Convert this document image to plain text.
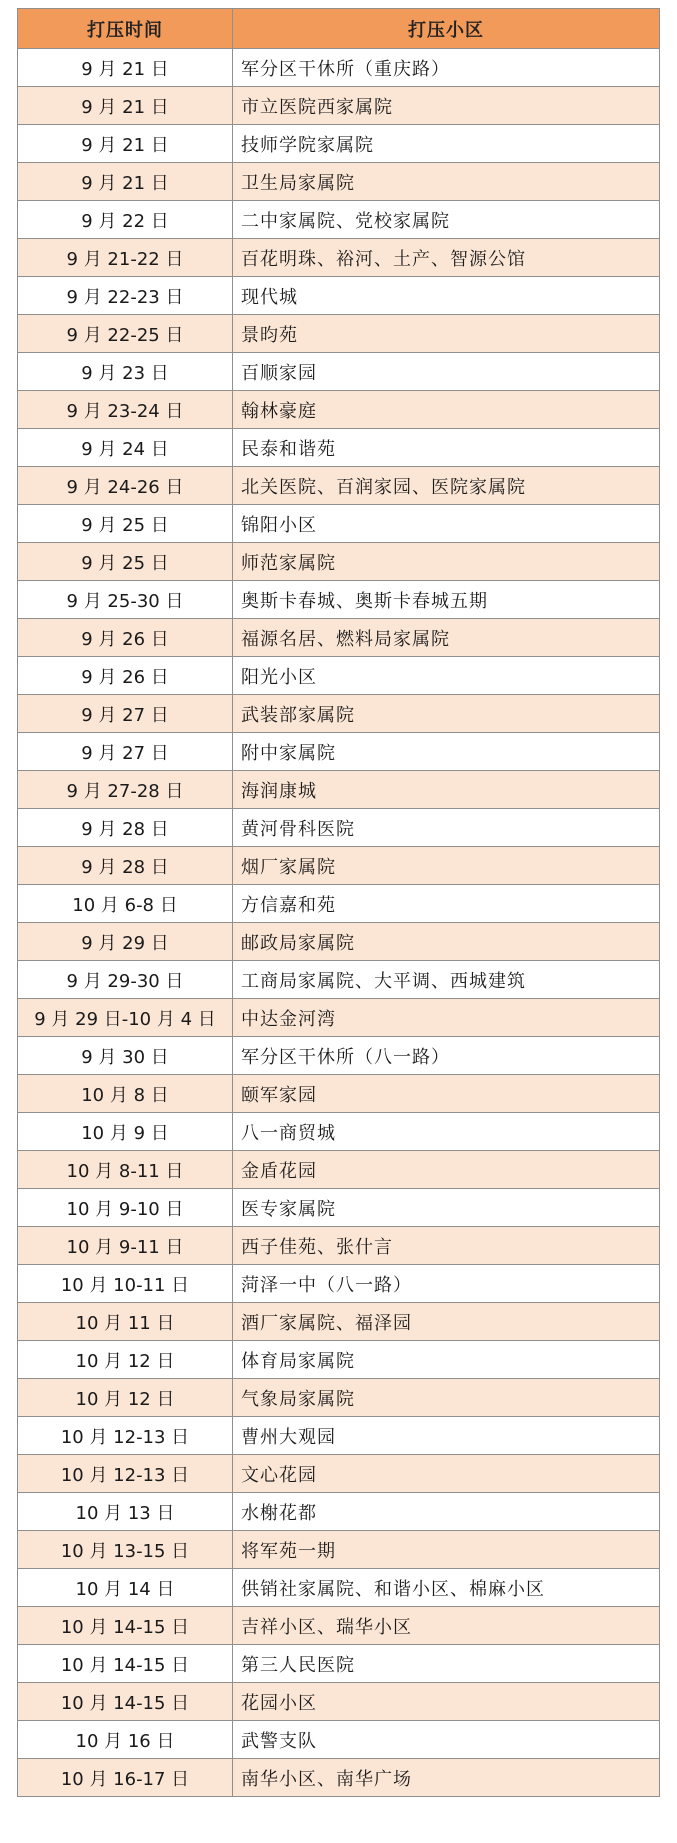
打压时间	打压小区
9 月 21 日	军分区干休所（重庆路）
9 月 21 日	市立医院西家属院
9 月 21 日	技师学院家属院
9 月 21 日	卫生局家属院
9 月 22 日	二中家属院、党校家属院
9 月 21-22 日	百花明珠、裕河、土产、智源公馆
9 月 22-23 日	现代城
9 月 22-25 日	景昀苑
9 月 23 日	百顺家园
9 月 23-24 日	翰林豪庭
9 月 24 日	民泰和谐苑
9 月 24-26 日	北关医院、百润家园、医院家属院
9 月 25 日	锦阳小区
9 月 25 日	师范家属院
9 月 25-30 日	奥斯卡春城、奥斯卡春城五期
9 月 26 日	福源名居、燃料局家属院
9 月 26 日	阳光小区
9 月 27 日	武装部家属院
9 月 27 日	附中家属院
9 月 27-28 日	海润康城
9 月 28 日	黄河骨科医院
9 月 28 日	烟厂家属院
10 月 6-8 日	方信嘉和苑
9 月 29 日	邮政局家属院
9 月 29-30 日	工商局家属院、大平调、西城建筑
9 月 29 日-10 月 4 日	中达金河湾
9 月 30 日	军分区干休所（八一路）
10 月 8 日	颐军家园
10 月 9 日	八一商贸城
10 月 8-11 日	金盾花园
10 月 9-10 日	医专家属院
10 月 9-11 日	西子佳苑、张什言
10 月 10-11 日	菏泽一中（八一路）
10 月 11 日	酒厂家属院、福泽园
10 月 12 日	体育局家属院
10 月 12 日	气象局家属院
10 月 12-13 日	曹州大观园
10 月 12-13 日	文心花园
10 月 13 日	水榭花都
10 月 13-15 日	将军苑一期
10 月 14 日	供销社家属院、和谐小区、棉麻小区
10 月 14-15 日	吉祥小区、瑞华小区
10 月 14-15 日	第三人民医院
10 月 14-15 日	花园小区
10 月 16 日	武警支队
10 月 16-17 日	南华小区、南华广场
